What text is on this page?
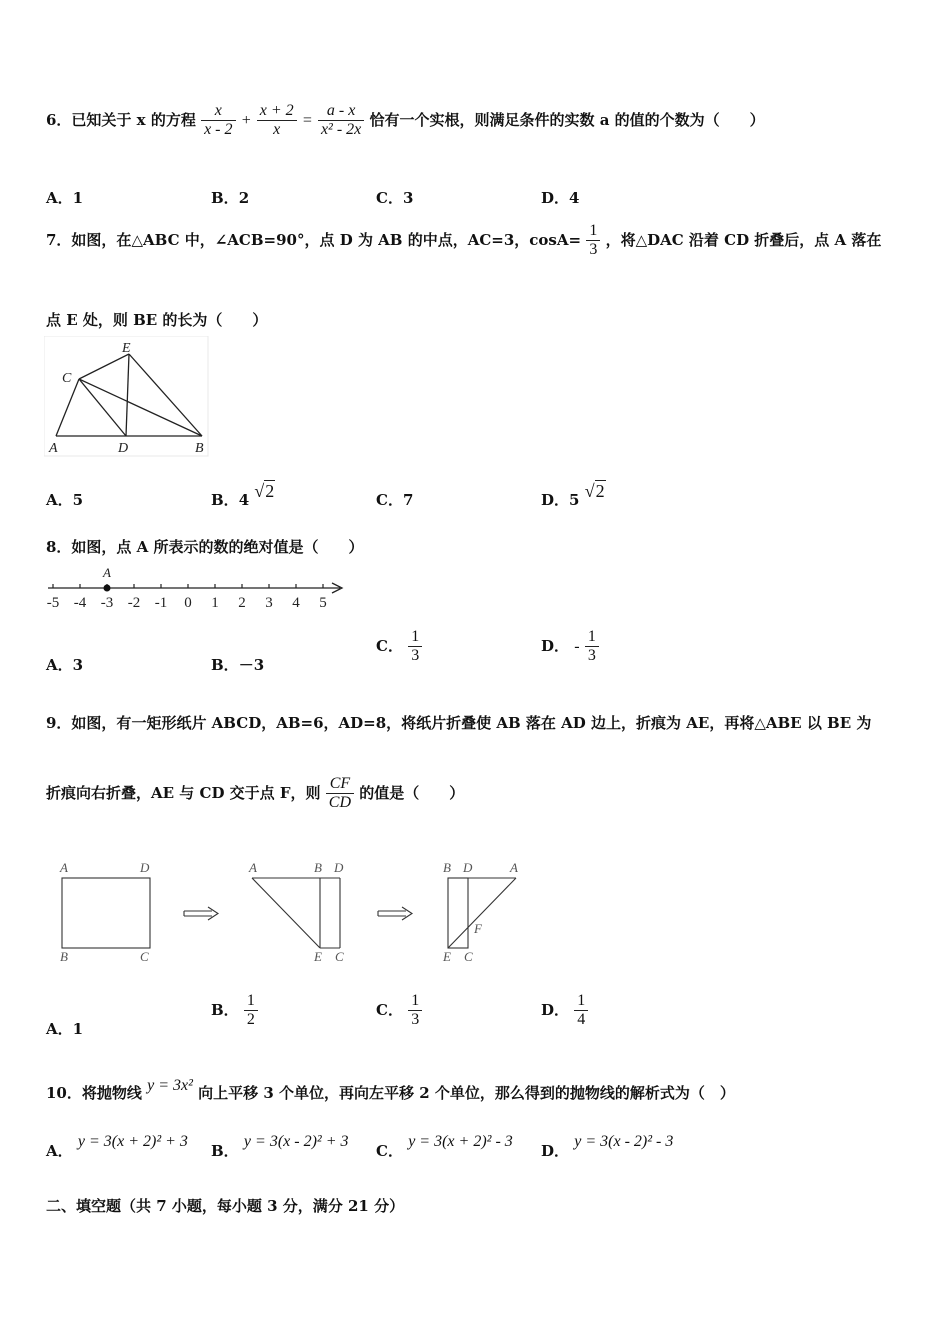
6．已知关于 x 的方程 $\frac{x}{x - 2} + \frac{x + 2}{x} = \frac{a - x}{\text{x² - 2x}}$ 恰有一个实根，则满足条件的实数 a 的值的个数为（　　）
A．1	B．2	C．3	D．4
7．如图，在△ABC 中，∠ACB=90°，点 D 为 AB 的中点，AC=3，$\cos A= \frac{1}{3}$ ，将△DAC 沿着 CD 折叠后，点 A 落在
点 E 处，则 BE 的长为（　　）
E
C
A	D	B
A．5	B．4 √2	C．7	D．5 √2
8．如图，点 A 所表示的数的绝对值是（　　）
-5 -4 -3 -2 -1 0 1 2 3 4 5
A
A．3	B．－3
C． $\frac{1}{3}$	D． - $\frac{1}{3}$
9．如图，有一矩形纸片 ABCD，AB=6，AD=8，将纸片折叠使 AB 落在 AD 边上，折痕为 AE，再将△ABE 以 BE 为
折痕向右折叠，AE 与 CD 交于点 F，则 $\frac{CF}{CD}$ 的值是（　　）
A	D
B	C
A	B D
E C
B D	A
F
E C
A．1
B． $\frac{1}{2}$	C． $\frac{1}{3}$	D． $\frac{1}{4}$
10．将抛物线 y = 3x² 向上平移 3 个单位，再向左平移 2 个单位，那么得到的抛物线的解析式为（　）
A． y = 3(x + 2)² + 3
B． y = 3(x - 2)² + 3
C． y = 3(x + 2)² - 3
D． y = 3(x - 2)² - 3
二、填空题（共 7 小题，每小题 3 分，满分 21 分）
